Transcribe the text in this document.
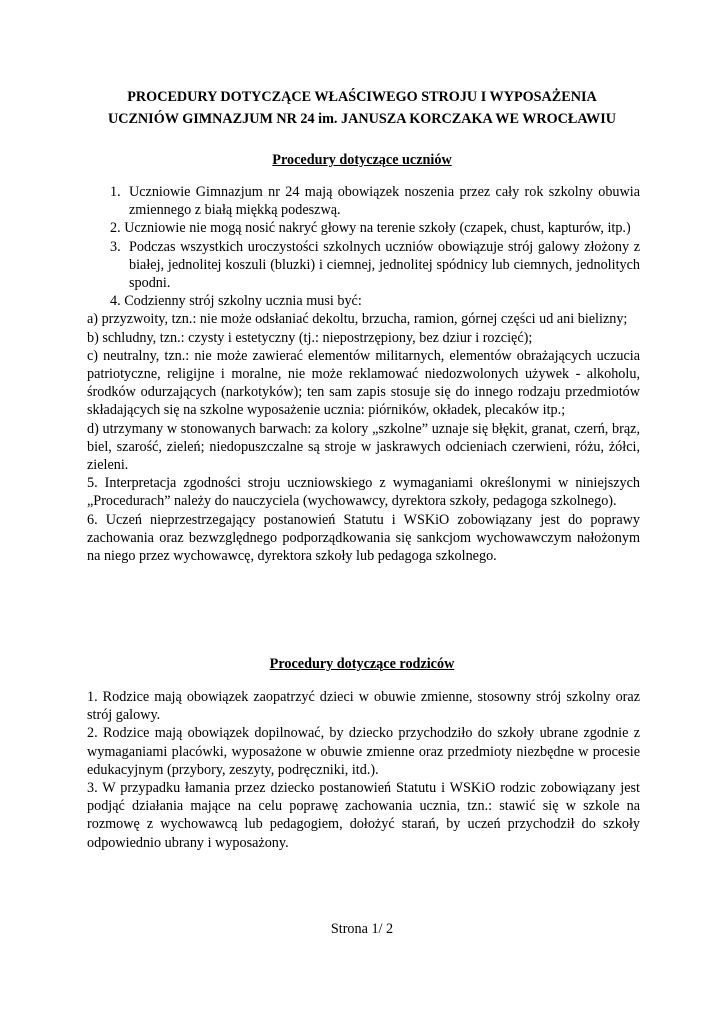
PROCEDURY DOTYCZĄCE WŁAŚCIWEGO STROJU I WYPOSAŻENIA
UCZNIÓW GIMNAZJUM NR 24 im. JANUSZA KORCZAKA WE WROCŁAWIU
Procedury dotyczące uczniów
1. Uczniowie Gimnazjum nr 24 mają obowiązek noszenia przez cały rok szkolny obuwia zmiennego z białą miękką podeszwą.
2. Uczniowie nie mogą nosić nakryć głowy na terenie szkoły (czapek, chust, kapturów, itp.)
3. Podczas wszystkich uroczystości szkolnych uczniów obowiązuje strój galowy złożony z białej, jednolitej koszuli (bluzki) i ciemnej, jednolitej spódnicy lub ciemnych, jednolitych spodni.
4. Codzienny strój szkolny ucznia musi być:
a) przyzwoity, tzn.: nie może odsłaniać dekoltu, brzucha, ramion, górnej części ud ani bielizny;
b) schludny, tzn.: czysty i estetyczny (tj.: niepostrzępiony, bez dziur i rozcięć);
c) neutralny, tzn.: nie może zawierać elementów militarnych, elementów obrażających uczucia patriotyczne, religijne i moralne, nie może reklamować niedozwolonych używek - alkoholu, środków odurzających (narkotyków); ten sam zapis stosuje się do innego rodzaju przedmiotów składających się na szkolne wyposażenie ucznia: piórników, okładek, plecaków itp.;
d) utrzymany w stonowanych barwach: za kolory „szkolne” uznaje się błękit, granat, czerń, brąz, biel, szarość, zieleń; niedopuszczalne są stroje w jaskrawych odcieniach czerwieni, różu, żółci, zieleni.
5. Interpretacja zgodności stroju uczniowskiego z wymaganiami określonymi w niniejszych „Procedurach” należy do nauczyciela (wychowawcy, dyrektora szkoły, pedagoga szkolnego).
6. Uczeń nieprzestrzegający postanowień Statutu i WSKiO zobowiązany jest do poprawy zachowania oraz bezwzględnego podporządkowania się sankcjom wychowawczym nałożonym na niego przez wychowawcę, dyrektora szkoły lub pedagoga szkolnego.
Procedury dotyczące rodziców
1. Rodzice mają obowiązek zaopatrzyć dzieci w obuwie zmienne, stosowny strój szkolny oraz strój galowy.
2. Rodzice mają obowiązek dopilnować, by dziecko przychodziło do szkoły ubrane zgodnie z wymaganiami placówki, wyposażone w obuwie zmienne oraz przedmioty niezbędne w procesie edukacyjnym (przybory, zeszyty, podręczniki, itd.).
3. W przypadku łamania przez dziecko postanowień Statutu i WSKiO rodzic zobowiązany jest podjąć działania mające na celu poprawę zachowania ucznia, tzn.: stawić się w szkole na rozmowę z wychowawcą lub pedagogiem, dołożyć starań, by uczeń przychodził do szkoły odpowiednio ubrany i wyposażony.
Strona 1/ 2
